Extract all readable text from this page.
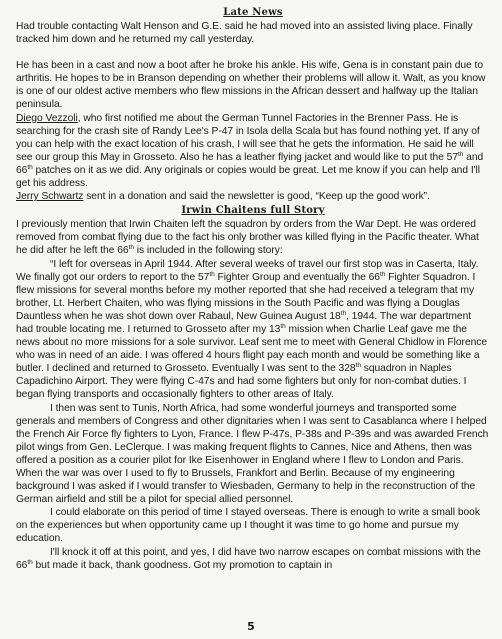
Late News

Had trouble contacting Walt Henson and G.E. said he had moved into an assisted living place. Finally tracked him down and he returned my call yesterday.

He has been in a cast and now a boot after he broke his ankle. His wife, Gena is in constant pain due to arthritis. He hopes to be in Branson depending on whether their problems will allow it. Walt, as you know is one of our oldest active members who flew missions in the African dessert and halfway up the Italian peninsula.

Diego Vezzoli, who first notified me about the German Tunnel Factories in the Brenner Pass. He is searching for the crash site of Randy Lee's P-47 in Isola della Scala but has found nothing yet. If any of you can help with the exact location of his crash, I will see that he gets the information. He said he will see our group this May in Grosseto. Also he has a leather flying jacket and would like to put the 57th and 66th patches on it as we did. Any originals or copies would be great. Let me know if you can help and I'll get his address.

Jerry Schwartz sent in a donation and said the newsletter is good, “Keep up the good work”.

Irwin Chaitens full Story

I previously mention that Irwin Chaiten left the squadron by orders from the War Dept. He was ordered removed from combat flying due to the fact his only brother was killed flying in the Pacific theater. What he did after he left the 66th is included in the following story:

“I left for overseas in April 1944. After several weeks of travel our first stop was in Caserta, Italy. We finally got our orders to report to the 57th Fighter Group and eventually the 66th Fighter Squadron. I flew missions for several months before my mother reported that she had received a telegram that my brother, Lt. Herbert Chaiten, who was flying missions in the South Pacific and was flying a Douglas Dauntless when he was shot down over Rabaul, New Guinea August 18th, 1944. The war department had trouble locating me. I returned to Grosseto after my 13th mission when Charlie Leaf gave me the news about no more missions for a sole survivor. Leaf sent me to meet with General Chidlow in Florence who was in need of an aide. I was offered 4 hours flight pay each month and would be something like a butler. I declined and returned to Grosseto. Eventually I was sent to the 328th squadron in Naples Capadichino Airport. They were flying C-47s and had some fighters but only for non-combat duties. I began flying transports and occasionally fighters to other areas of Italy.

I then was sent to Tunis, North Africa, had some wonderful journeys and transported some generals and members of Congress and other dignitaries when I was sent to Casablanca where I helped the French Air Force fly fighters to Lyon, France. I flew P-47s, P-38s and P-39s and was awarded French pilot wings from Gen. LeClerque. I was making frequent flights to Cannes, Nice and Athens, then was offered a position as a courier pilot for Ike Eisenhower in England where I flew to London and Paris. When the war was over I used to fly to Brussels, Frankfort and Berlin. Because of my engineering background I was asked if I would transfer to Wiesbaden, Germany to help in the reconstruction of the German airfield and still be a pilot for special allied personnel.

I could elaborate on this period of time I stayed overseas. There is enough to write a small book on the experiences but when opportunity came up I thought it was time to go home and pursue my education.

I'll knock it off at this point, and yes, I did have two narrow escapes on combat missions with the 66th but made it back, thank goodness. Got my promotion to captain in

5
